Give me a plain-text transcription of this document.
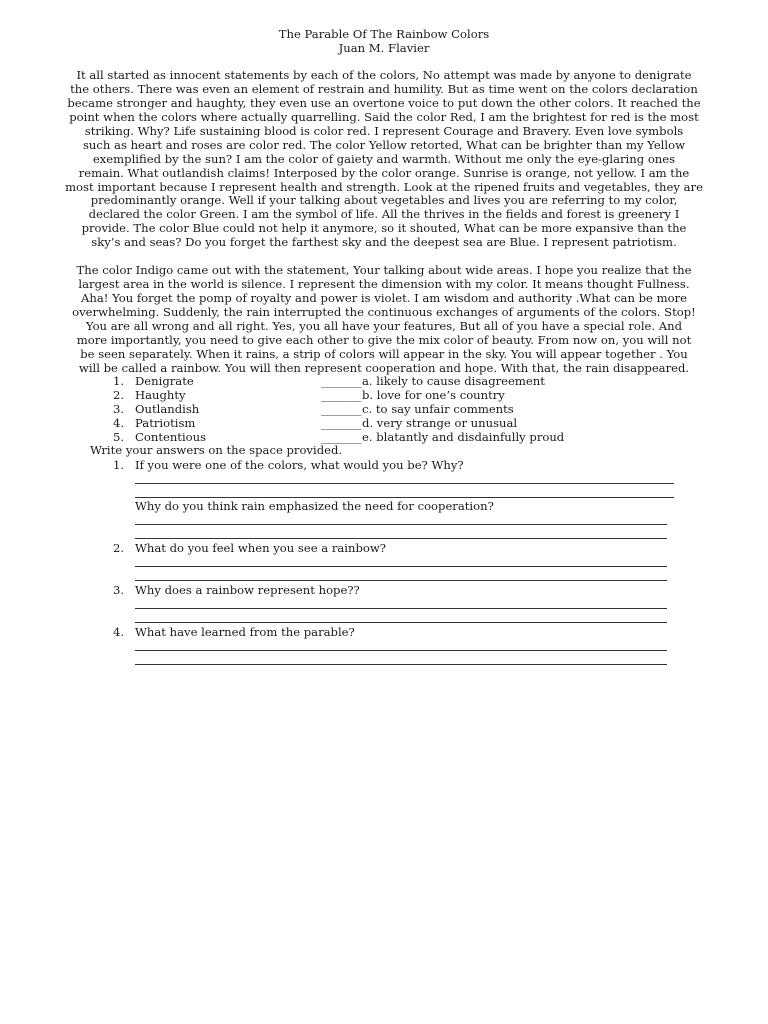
The Parable Of The Rainbow Colors
Juan M. Flavier
It all started as innocent statements by each of the colors, No attempt was made by anyone to denigrate
the others. There was even an element of restrain and humility. But as time went on the colors declaration
became stronger and haughty, they even use an overtone voice to put down the other colors. It reached the
point when the colors where actually quarrelling. Said the color Red, I am the brightest for red is the most
striking. Why? Life sustaining blood is color red. I represent Courage and Bravery. Even love symbols
such as heart and roses are color red. The color Yellow retorted, What can be brighter than my Yellow
exemplified by the sun? I am the color of gaiety and warmth. Without me only the eye-glaring ones
remain. What outlandish claims! Interposed by the color orange. Sunrise is orange, not yellow. I am the
most important because I represent health and strength. Look at the ripened fruits and vegetables, they are
predominantly orange. Well if your talking about vegetables and lives you are referring to my color,
declared the color Green. I am the symbol of life. All the thrives in the fields and forest is greenery I
provide. The color Blue could not help it anymore, so it shouted, What can be more expansive than the
sky’s and seas? Do you forget the farthest sky and the deepest sea are Blue. I represent patriotism.
The color Indigo came out with the statement, Your talking about wide areas. I hope you realize that the
largest area in the world is silence. I represent the dimension with my color. It means thought Fullness.
Aha! You forget the pomp of royalty and power is violet. I am wisdom and authority .What can be more
overwhelming. Suddenly, the rain interrupted the continuous exchanges of arguments of the colors. Stop!
You are all wrong and all right. Yes, you all have your features, But all of you have a special role. And
more importantly, you need to give each other to give the mix color of beauty. From now on, you will not
be seen separately. When it rains, a strip of colors will appear in the sky. You will appear together . You
will be called a rainbow. You will then represent cooperation and hope. With that, the rain disappeared.
1. Denigrate	_______ a. likely to cause disagreement
2. Haughty	_______ b. love for one’s country
3. Outlandish	_______ c. to say unfair comments
4. Patriotism	_______ d. very strange or unusual
5. Contentious	_______ e. blatantly and disdainfully proud
Write your answers on the space provided.
1. If you were one of the colors, what would you be? Why?
Why do you think rain emphasized the need for cooperation?
2. What do you feel when you see a rainbow?
3. Why does a rainbow represent hope??
4. What have learned from the parable?
